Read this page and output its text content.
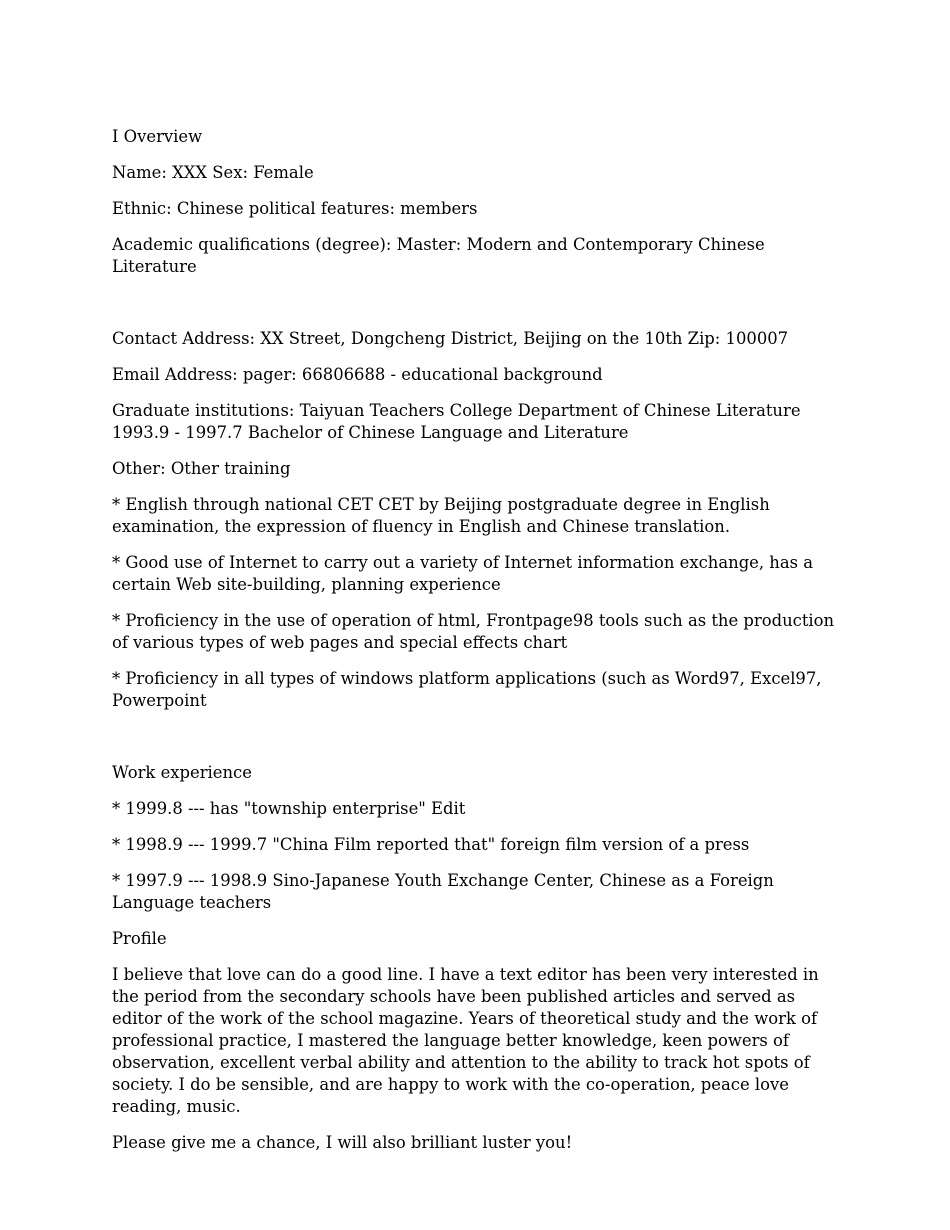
I Overview

Name: XXX Sex: Female

Ethnic: Chinese political features: members

Academic qualifications (degree): Master: Modern and Contemporary Chinese Literature

Contact Address: XX Street, Dongcheng District, Beijing on the 10th Zip: 100007

Email Address: pager: 66806688 - educational background

Graduate institutions: Taiyuan Teachers College Department of Chinese Literature 1993.9 - 1997.7 Bachelor of Chinese Language and Literature

Other: Other training

* English through national CET CET by Beijing postgraduate degree in English examination, the expression of fluency in English and Chinese translation.

* Good use of Internet to carry out a variety of Internet information exchange, has a certain Web site-building, planning experience

* Proficiency in the use of operation of html, Frontpage98 tools such as the production of various types of web pages and special effects chart

* Proficiency in all types of windows platform applications (such as Word97, Excel97, Powerpoint

Work experience

* 1999.8 --- has "township enterprise" Edit

* 1998.9 --- 1999.7 "China Film reported that" foreign film version of a press

* 1997.9 --- 1998.9 Sino-Japanese Youth Exchange Center, Chinese as a Foreign Language teachers

Profile

I believe that love can do a good line. I have a text editor has been very interested in the period from the secondary schools have been published articles and served as editor of the work of the school magazine. Years of theoretical study and the work of professional practice, I mastered the language better knowledge, keen powers of observation, excellent verbal ability and attention to the ability to track hot spots of society. I do be sensible, and are happy to work with the co-operation, peace love reading, music.

Please give me a chance, I will also brilliant luster you!
